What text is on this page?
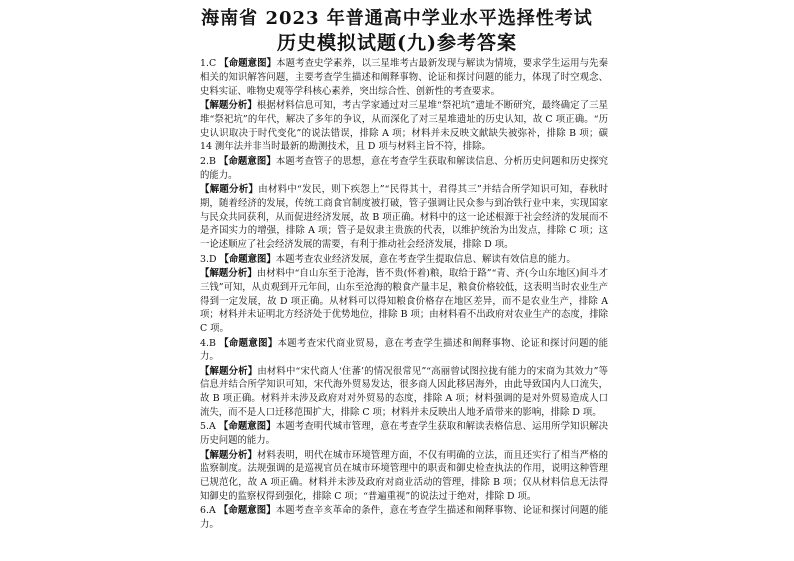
海南省 2023 年普通高中学业水平选择性考试
历史模拟试题(九)参考答案

1.C 【命题意图】本题考查史学素养，以三星堆考古最新发现与解读为情境，要求学生运用与先秦相关的知识解答问题，主要考查学生描述和阐释事物、论证和探讨问题的能力，体现了时空观念、史料实证、唯物史观等学科核心素养，突出综合性、创新性的考查要求。

【解题分析】根据材料信息可知，考古学家通过对三星堆“祭祀坑”遗址不断研究，最终确定了三星堆“祭祀坑”的年代，解决了多年的争议，从而深化了对三星堆遗址的历史认知，故 C 项正确。“历史认识取决于时代变化”的说法错误，排除 A 项；材料并未反映文献缺失被弥补，排除 B 项；碳 14 测年法并非当时最新的勘测技术，且 D 项与材料主旨不符，排除。

2.B 【命题意图】本题考查管子的思想，意在考查学生获取和解读信息、分析历史问题和历史探究的能力。

【解题分析】由材料中“发民，则下疾怨上”“民得其十，君得其三”并结合所学知识可知，春秋时期，随着经济的发展，传统工商食官制度被打破，管子强调让民众参与到冶铁行业中来，实现国家与民众共同获利，从而促进经济发展，故 B 项正确。材料中的这一论述根源于社会经济的发展而不是齐国实力的增强，排除 A 项；管子是奴隶主贵族的代表，以维护统治为出发点，排除 C 项；这一论述顺应了社会经济发展的需要，有利于推动社会经济发展，排除 D 项。

3.D 【命题意图】本题考查农业经济发展，意在考查学生提取信息、解读有效信息的能力。

【解题分析】由材料中“自山东至于沧海，皆不贵(怀着)粮，取给于路”“青、齐(今山东地区)间斗才三钱”可知，从贞观到开元年间，山东至沧海的粮食产量丰足，粮食价格较低，这表明当时农业生产得到一定发展，故 D 项正确。从材料可以得知粮食价格存在地区差异，而不是农业生产，排除 A 项；材料并未证明北方经济处于优势地位，排除 B 项；由材料看不出政府对农业生产的态度，排除 C 项。

4.B 【命题意图】本题考查宋代商业贸易，意在考查学生描述和阐释事物、论证和探讨问题的能力。

【解题分析】由材料中“宋代商人‘住蕃’的情况很常见”“高丽曾试图拉拢有能力的宋商为其效力”等信息并结合所学知识可知，宋代海外贸易发达，很多商人因此移居海外，由此导致国内人口流失，故 B 项正确。材料并未涉及政府对对外贸易的态度，排除 A 项；材料强调的是对外贸易造成人口流失，而不是人口迁移范围扩大，排除 C 项；材料并未反映出人地矛盾带来的影响，排除 D 项。

5.A 【命题意图】本题考查明代城市管理，意在考查学生获取和解读表格信息、运用所学知识解决历史问题的能力。

【解题分析】材料表明，明代在城市环境管理方面，不仅有明确的立法，而且还实行了相当严格的监察制度。法规强调的是巡视官员在城市环境管理中的职责和御史检查执法的作用，说明这种管理已规范化，故 A 项正确。材料并未涉及政府对商业活动的管理，排除 B 项；仅从材料信息无法得知御史的监察权得到强化，排除 C 项；“普遍重视”的说法过于绝对，排除 D 项。

6.A 【命题意图】本题考查辛亥革命的条件，意在考查学生描述和阐释事物、论证和探讨问题的能力。
